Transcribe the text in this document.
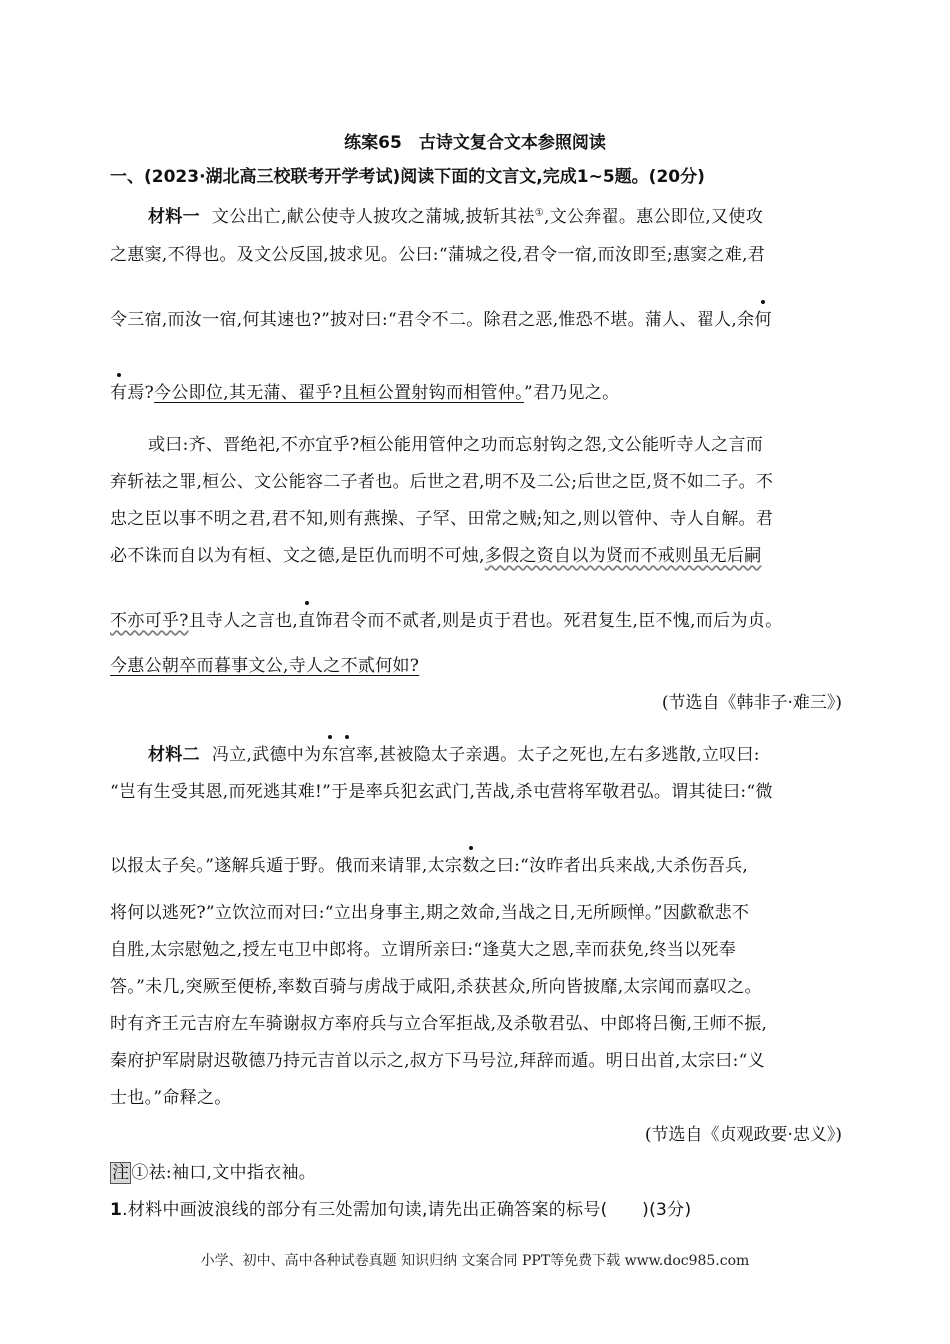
练案65　古诗文复合文本参照阅读
一、(2023·湖北高三校联考开学考试)阅读下面的文言文,完成1~5题。(20分)
材料一 文公出亡,献公使寺人披攻之蒲城,披斩其祛①,文公奔翟。惠公即位,又使攻
之惠窦,不得也。及文公反国,披求见。公曰:“蒲城之役,君令一宿,而汝即至;惠窦之难,君
令三宿,而汝一宿,何其速也?”披对曰:“君令不二。除君之恶,惟恐不堪。蒲人、翟人,余何
有焉?今公即位,其无蒲、翟乎?且桓公置射钩而相管仲。”君乃见之。
或曰:齐、晋绝祀,不亦宜乎?桓公能用管仲之功而忘射钩之怨,文公能听寺人之言而
弃斩祛之罪,桓公、文公能容二子者也。后世之君,明不及二公;后世之臣,贤不如二子。不
忠之臣以事不明之君,君不知,则有燕操、子罕、田常之贼;知之,则以管仲、寺人自解。君
必不诛而自以为有桓、文之德,是臣仇而明不可烛,多假之资自以为贤而不戒则虽无后嗣
不亦可乎?且寺人之言也,直饰君令而不贰者,则是贞于君也。死君复生,臣不愧,而后为贞。
今惠公朝卒而暮事文公,寺人之不贰何如?
(节选自《韩非子·难三》)
材料二 冯立,武德中为东宫率,甚被隐太子亲遇。太子之死也,左右多逃散,立叹曰:
“岂有生受其恩,而死逃其难!”于是率兵犯玄武门,苦战,杀屯营将军敬君弘。谓其徒曰:“微
以报太子矣。”遂解兵遁于野。俄而来请罪,太宗数之曰:“汝昨者出兵来战,大杀伤吾兵,
将何以逃死?”立饮泣而对曰:“立出身事主,期之效命,当战之日,无所顾惮。”因歔欷悲不
自胜,太宗慰勉之,授左屯卫中郎将。立谓所亲曰:“逢莫大之恩,幸而获免,终当以死奉
答。”未几,突厥至便桥,率数百骑与虏战于咸阳,杀获甚众,所向皆披靡,太宗闻而嘉叹之。
时有齐王元吉府左车骑谢叔方率府兵与立合军拒战,及杀敬君弘、中郎将吕衡,王师不振,
秦府护军尉尉迟敬德乃持元吉首以示之,叔方下马号泣,拜辞而遁。明日出首,太宗曰:“义
士也。”命释之。
(节选自《贞观政要·忠义》)
注 ①祛:袖口,文中指衣袖。
1.材料中画波浪线的部分有三处需加句读,请先出正确答案的标号(　　)(3分)
小学、初中、高中各种试卷真题 知识归纳 文案合同 PPT等免费下载 www.doc985.com
